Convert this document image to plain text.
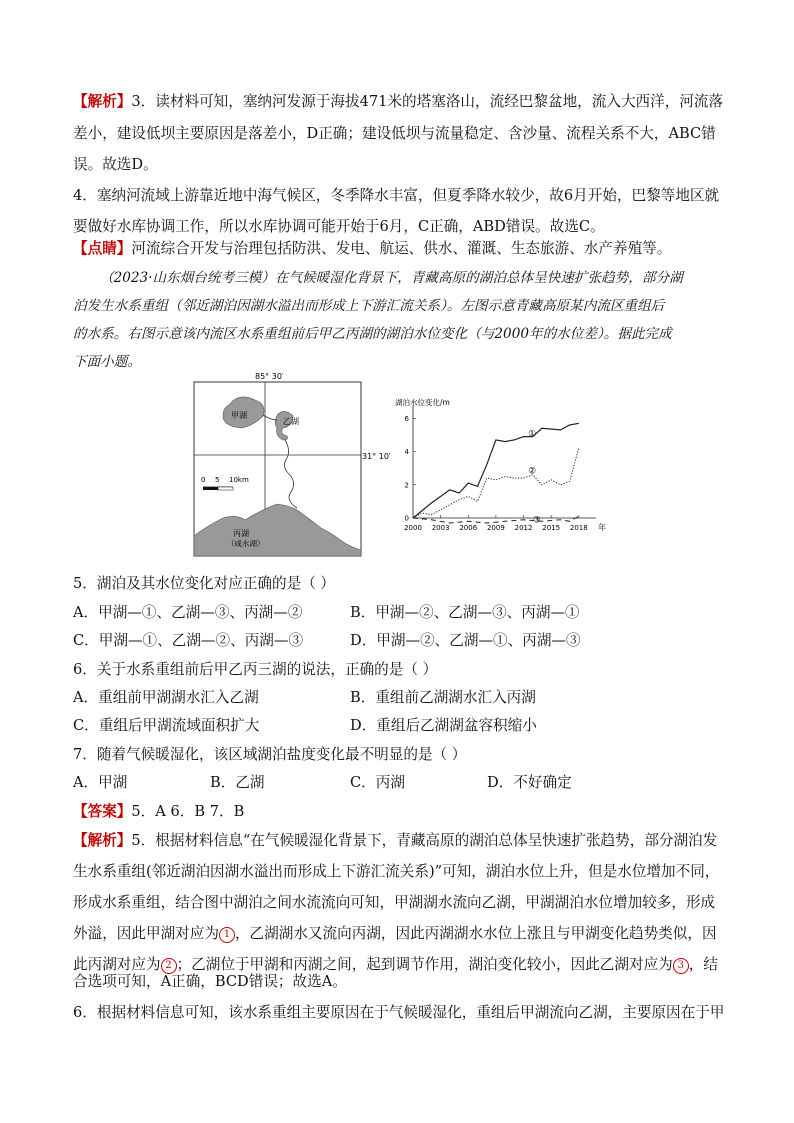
【解析】3．读材料可知，塞纳河发源于海拔471米的塔塞洛山，流经巴黎盆地，流入大西洋，河流落
差小，建设低坝主要原因是落差小，D正确；建设低坝与流量稳定、含沙量、流程关系不大，ABC错
误。故选D。
4．塞纳河流域上游靠近地中海气候区，冬季降水丰富，但夏季降水较少，故6月开始，巴黎等地区就
要做好水库协调工作，所以水库协调可能开始于6月，C正确，ABD错误。故选C。
【点睛】河流综合开发与治理包括防洪、发电、航运、供水、灌溉、生态旅游、水产养殖等。
（2023·山东烟台统考三模）在气候暖湿化背景下，青藏高原的湖泊总体呈快速扩张趋势，部分湖
泊发生水系重组（邻近湖泊因湖水溢出而形成上下游汇流关系）。左图示意青藏高原某内流区重组后
的水系。右图示意该内流区水系重组前后甲乙丙湖的湖泊水位变化（与2000年的水位差）。据此完成
下面小题。
85° 30′
31° 10′
甲湖
乙湖
丙湖
（咸水湖）
0 5 10km
湖泊水位变化/m
2000 2003 2006 2009 2012 2015 2018 年
0
2
4
6
①
②
③
5．湖泊及其水位变化对应正确的是（ ）
A．甲湖—①、乙湖—③、丙湖—②	B．甲湖—②、乙湖—③、丙湖—①
C．甲湖—①、乙湖—②、丙湖—③	D．甲湖—②、乙湖—①、丙湖—③
6．关于水系重组前后甲乙丙三湖的说法，正确的是（ ）
A．重组前甲湖湖水汇入乙湖	B．重组前乙湖湖水汇入丙湖
C．重组后甲湖流域面积扩大	D．重组后乙湖湖盆容积缩小
7．随着气候暖湿化，该区域湖泊盐度变化最不明显的是（ ）
A．甲湖	B．乙湖	C．丙湖	D．不好确定
【答案】5．A 6．B 7．B
【解析】5．根据材料信息“在气候暖湿化背景下，青藏高原的湖泊总体呈快速扩张趋势，部分湖泊发
生水系重组(邻近湖泊因湖水溢出而形成上下游汇流关系)”可知，湖泊水位上升，但是水位增加不同，
形成水系重组，结合图中湖泊之间水流流向可知，甲湖湖水流向乙湖，甲湖湖泊水位增加较多，形成
外溢，因此甲湖对应为 1 ，乙湖湖水又流向丙湖，因此丙湖湖水水位上涨且与甲湖变化趋势类似，因
此丙湖对应为 2 ；乙湖位于甲湖和丙湖之间，起到调节作用，湖泊变化较小，因此乙湖对应为 3 ，结
合选项可知，A正确，BCD错误；故选A。
6．根据材料信息可知，该水系重组主要原因在于气候暖湿化，重组后甲湖流向乙湖，主要原因在于甲
